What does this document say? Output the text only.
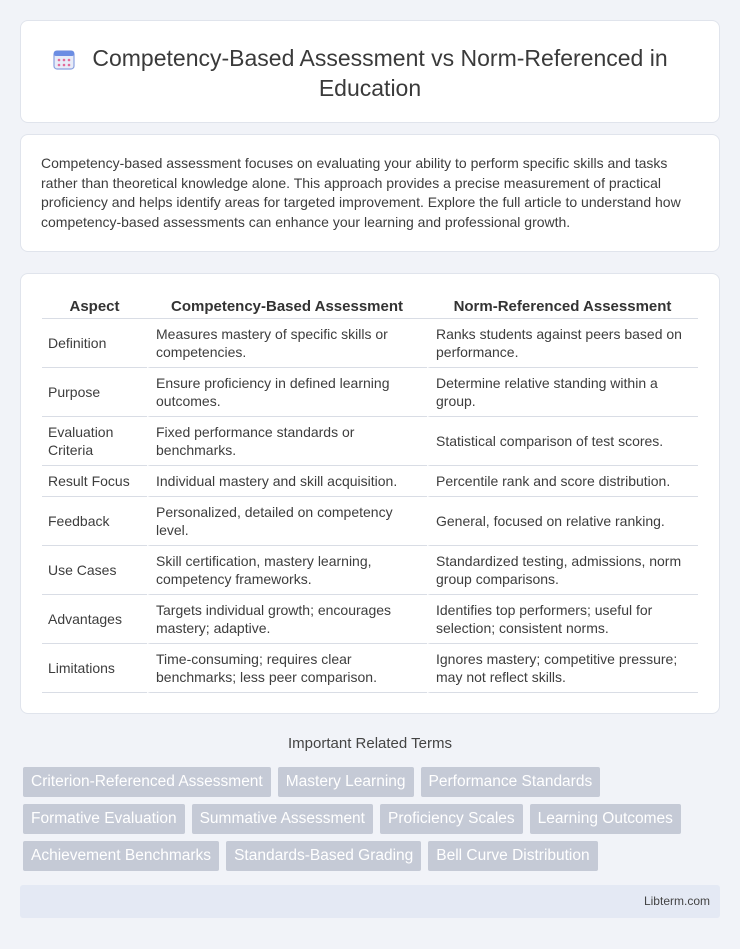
Competency-Based Assessment vs Norm-Referenced in Education

Competency-based assessment focuses on evaluating your ability to perform specific skills and tasks rather than theoretical knowledge alone. This approach provides a precise measurement of practical proficiency and helps identify areas for targeted improvement. Explore the full article to understand how competency-based assessments can enhance your learning and professional growth.

Aspect	Competency-Based Assessment	Norm-Referenced Assessment
Definition	Measures mastery of specific skills or competencies.	Ranks students against peers based on performance.
Purpose	Ensure proficiency in defined learning outcomes.	Determine relative standing within a group.
Evaluation Criteria	Fixed performance standards or benchmarks.	Statistical comparison of test scores.
Result Focus	Individual mastery and skill acquisition.	Percentile rank and score distribution.
Feedback	Personalized, detailed on competency level.	General, focused on relative ranking.
Use Cases	Skill certification, mastery learning, competency frameworks.	Standardized testing, admissions, norm group comparisons.
Advantages	Targets individual growth; encourages mastery; adaptive.	Identifies top performers; useful for selection; consistent norms.
Limitations	Time-consuming; requires clear benchmarks; less peer comparison.	Ignores mastery; competitive pressure; may not reflect skills.
Important Related Terms
Criterion-Referenced Assessment	Mastery Learning	Performance Standards
Formative Evaluation	Summative Assessment	Proficiency Scales	Learning Outcomes
Achievement Benchmarks	Standards-Based Grading	Bell Curve Distribution
Libterm.com
